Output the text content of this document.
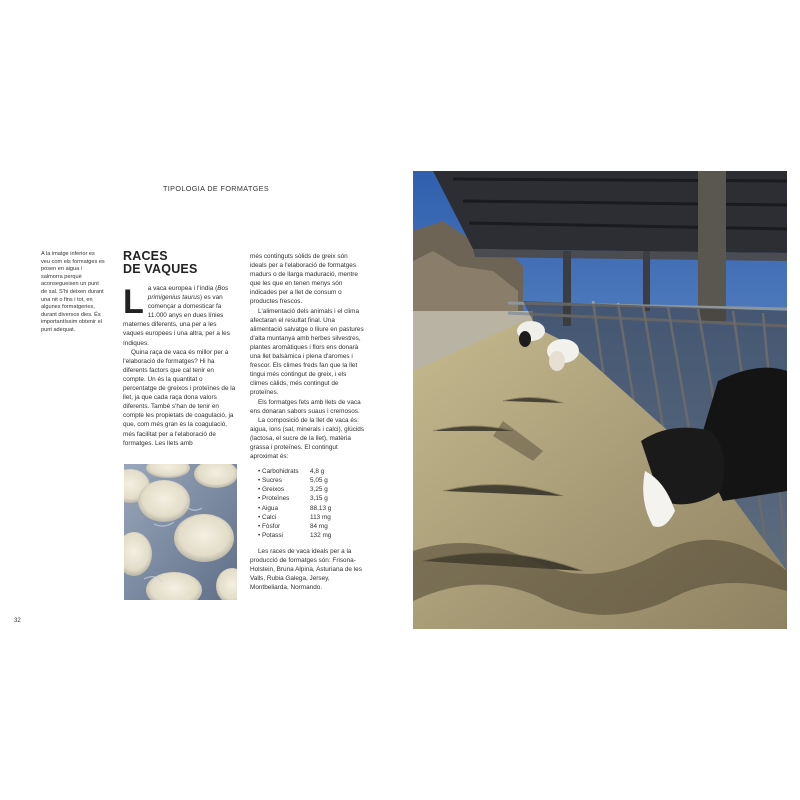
TIPOLOGIA DE FORMATGES
A la imatge inferior es veu com els formatges es posen en aigua i salmorra perquè aconsegueixen un punt de sal. S'hi deixen durant una nit o fins i tot, en algunes formatgeries, durant diversos dies. És importantíssim obtenir el punt adequat.
RACES
DE VAQUES

L a vaca europea i l'índia (Bos primigenius taurus) es van començar a domesticar fa 11.000 anys en dues línies maternes diferents, una per a les vaques europees i una altra, per a les índiques.

Quina raça de vaca és millor per a l'elaboració de formatges? Hi ha diferents factors que cal tenir en compte. Un és la quantitat o percentatge de greixos i proteïnes de la llet, ja que cada raça dona valors diferents. També s'han de tenir en compte les propietats de coagulació, ja que, com més gran és la coagulació, més facilitat per a l'elaboració de formatges. Les llets amb

més continguts sòlids de greix són ideals per a l'elaboració de formatges madurs o de llarga maduració, mentre que les que en tenen menys són indicades per a llet de consum o productes frescos.

L'alimentació dels animals i el clima afectaran el resultat final. Una alimentació salvatge o lliure en pastures d'alta muntanya amb herbes silvestres, plantes aromàtiques i flors ens donarà una llet balsàmica i plena d'aromes i frescor. Els climes freds fan que la llet tingui més contingut de greix, i els climes càlids, més contingut de proteïnes.

Els formatges fets amb llets de vaca ens donaran sabors suaus i cremosos.

La composició de la llet de vaca és: aigua, ions (sal, minerals i calci), glúcids (lactosa, el sucre de la llet), matèria grassa i proteïnes. El contingut aproximat és:

• Carbohidrats	4,8 g
• Sucres	5,05 g
• Greixos	3,25 g
• Proteïnes	3,15 g
• Aigua	88,13 g
• Calci	113 mg
• Fòsfor	84 mg
• Potassi	132 mg

Les races de vaca ideals per a la producció de formatges són: Frisona-Holstein, Bruna Alpina, Asturiana de les Valls, Rubia Galega, Jersey, Montbeliarda, Normando.

32
